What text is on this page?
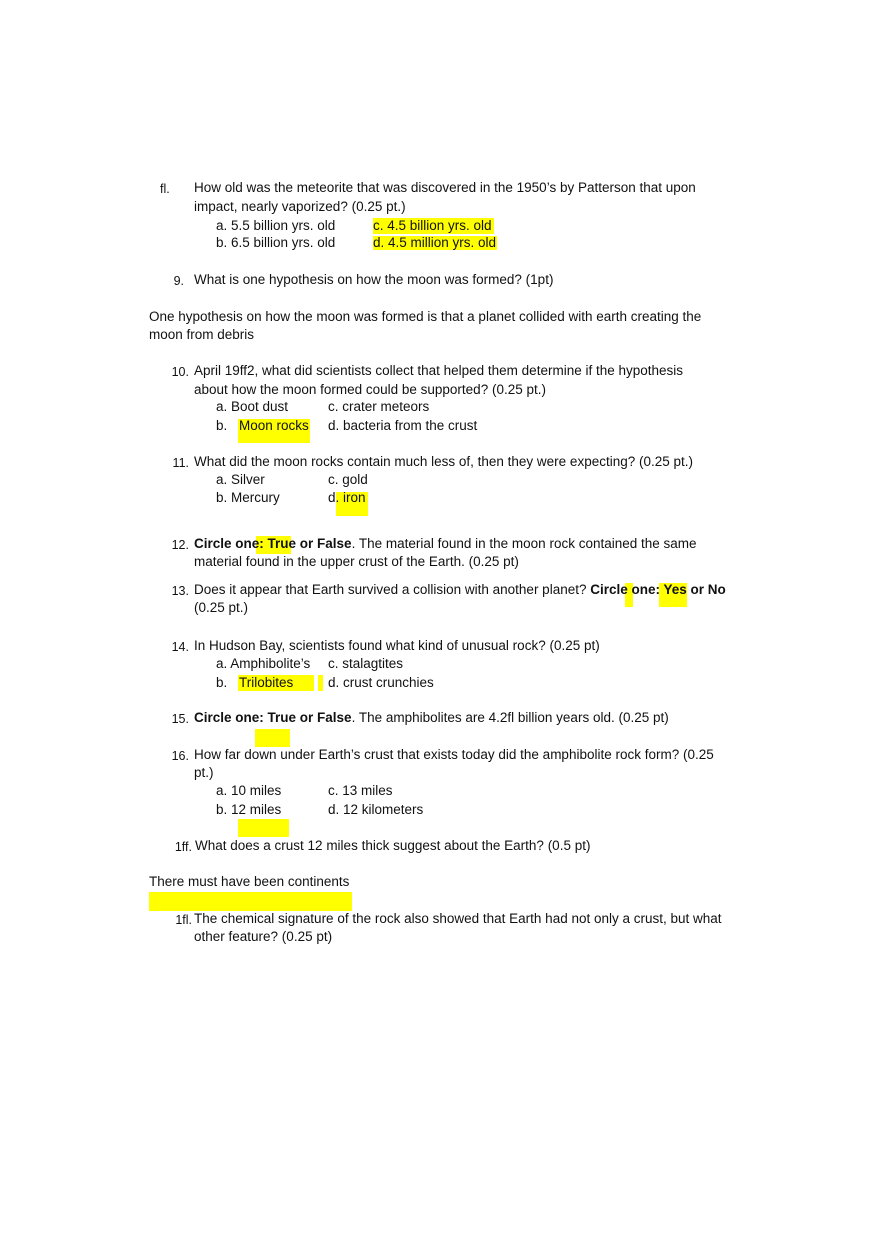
fl.	How old was the meteorite that was discovered in the 1950’s by Patterson that upon
impact, nearly vaporized? (0.25 pt.)
a. 5.5 billion yrs. old	c. 4.5 billion yrs. old
b. 6.5 billion yrs. old	d. 4.5 million yrs. old
9. What is one hypothesis on how the moon was formed? (1pt)
One hypothesis on how the moon was formed is that a planet collided with earth creating the
moon from debris
10. April 19ff2, what did scientists collect that helped them determine if the hypothesis
about how the moon formed could be supported? (0.25 pt.)
a. Boot dust	c. crater meteors
b. Moon rocks d. bacteria from the crust
11. What did the moon rocks contain much less of, then they were expecting? (0.25 pt.)
a. Silver	c. gold
b. Mercury	d. iron
12. Circle one: True or False. The material found in the moon rock contained the same
material found in the upper crust of the Earth. (0.25 pt)
13. Does it appear that Earth survived a collision with another planet? Circle one: Yes or No
(0.25 pt.)
14. In Hudson Bay, scientists found what kind of unusual rock? (0.25 pt)
a. Amphibolite’s c. stalagtites
b. Trilobites	d. crust crunchies
15. Circle one: True or False. The amphibolites are 4.2fl billion years old. (0.25 pt)
16. How far down under Earth’s crust that exists today did the amphibolite rock form? (0.25
pt.)
a. 10 miles	c. 13 miles
b. 12 miles	d. 12 kilometers
1ff. What does a crust 12 miles thick suggest about the Earth? (0.5 pt)
There must have been continents
1fl. The chemical signature of the rock also showed that Earth had not only a crust, but what
other feature? (0.25 pt)
